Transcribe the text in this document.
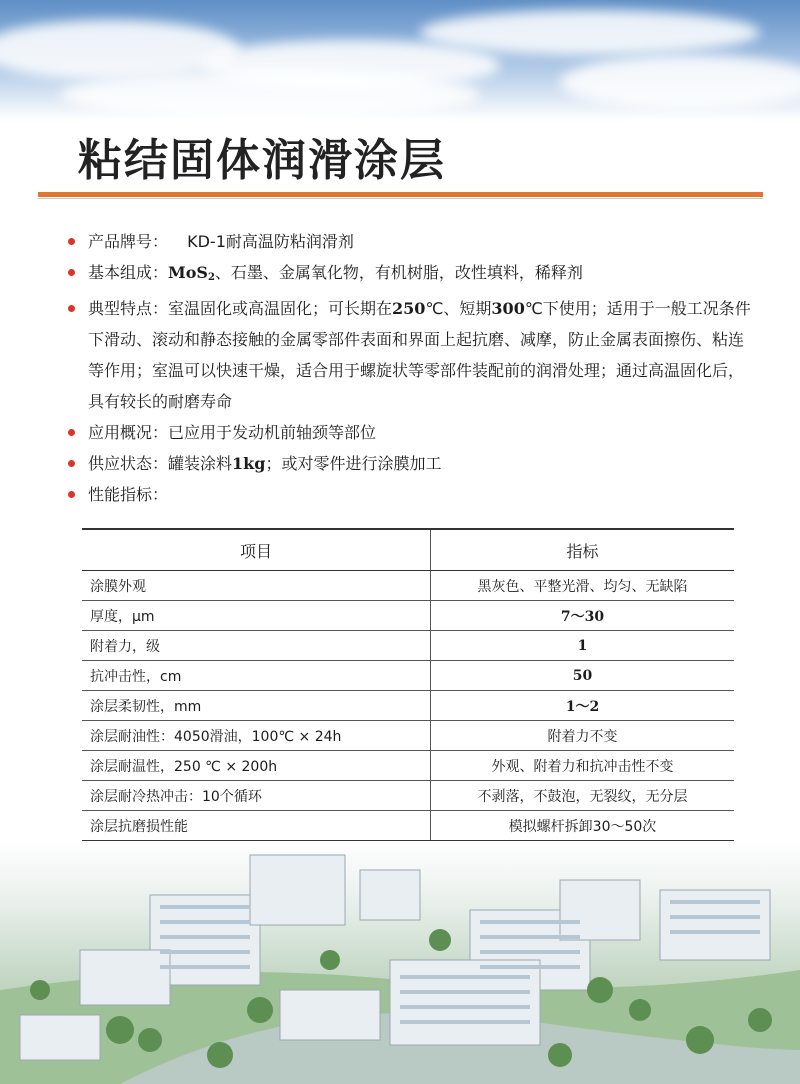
粘结固体润滑涂层
产品牌号： KD-1耐高温防粘润滑剂
基本组成：MoS$_2$、石墨、金属氧化物，有机树脂，改性填料，稀释剂
典型特点：室温固化或高温固化；可长期在250℃、短期300℃下使用；适用于一般工况条件下滑动、滚动和静态接触的金属零部件表面和界面上起抗磨、减摩，防止金属表面擦伤、粘连等作用；室温可以快速干燥，适合用于螺旋状等零部件装配前的润滑处理；通过高温固化后，具有较长的耐磨寿命
应用概况：已应用于发动机前轴颈等部位
供应状态：罐装涂料1kg；或对零件进行涂膜加工
性能指标：
项目	指标
涂膜外观	黑灰色、平整光滑、均匀、无缺陷
厚度，μm	7～30
附着力，级	1
抗冲击性，cm	50
涂层柔韧性，mm	1～2
涂层耐油性：4050滑油，100℃ × 24h	附着力不变
涂层耐温性，250 ℃ × 200h	外观、附着力和抗冲击性不变
涂层耐冷热冲击：10个循环	不剥落，不鼓泡，无裂纹，无分层
涂层抗磨损性能	模拟螺杆拆卸30～50次
